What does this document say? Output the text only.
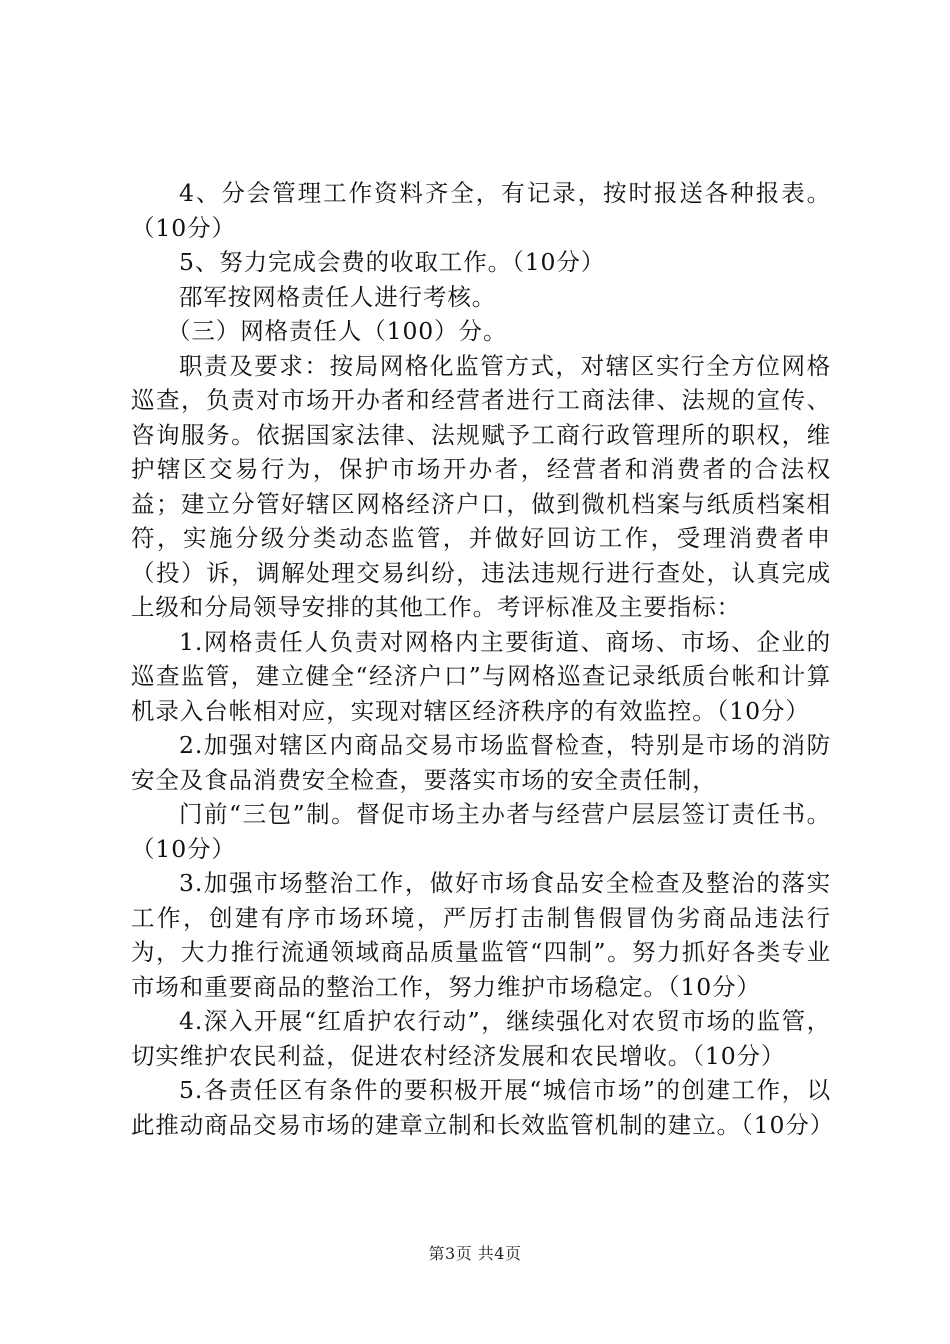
4、分会管理工作资料齐全，有记录，按时报送各种报表。（10分）

5、努力完成会费的收取工作。（10分）

邵军按网格责任人进行考核。

（三）网格责任人（100）分。

职责及要求：按局网格化监管方式，对辖区实行全方位网格巡查，负责对市场开办者和经营者进行工商法律、法规的宣传、咨询服务。依据国家法律、法规赋予工商行政管理所的职权，维护辖区交易行为，保护市场开办者，经营者和消费者的合法权益；建立分管好辖区网格经济户口，做到微机档案与纸质档案相符，实施分级分类动态监管，并做好回访工作，受理消费者申（投）诉，调解处理交易纠纷，违法违规行进行查处，认真完成上级和分局领导安排的其他工作。考评标准及主要指标：

1.网格责任人负责对网格内主要街道、商场、市场、企业的巡查监管，建立健全“经济户口”与网格巡查记录纸质台帐和计算机录入台帐相对应，实现对辖区经济秩序的有效监控。（10分）

2.加强对辖区内商品交易市场监督检查，特别是市场的消防安全及食品消费安全检查，要落实市场的安全责任制，

门前“三包”制。督促市场主办者与经营户层层签订责任书。（10分）

3.加强市场整治工作，做好市场食品安全检查及整治的落实工作，创建有序市场环境，严厉打击制售假冒伪劣商品违法行为，大力推行流通领域商品质量监管“四制”。努力抓好各类专业市场和重要商品的整治工作，努力维护市场稳定。（10分）

4.深入开展“红盾护农行动”，继续强化对农贸市场的监管，切实维护农民利益，促进农村经济发展和农民增收。（10分）

5.各责任区有条件的要积极开展“城信市场”的创建工作，以此推动商品交易市场的建章立制和长效监管机制的建立。（10分）

第3页 共4页
